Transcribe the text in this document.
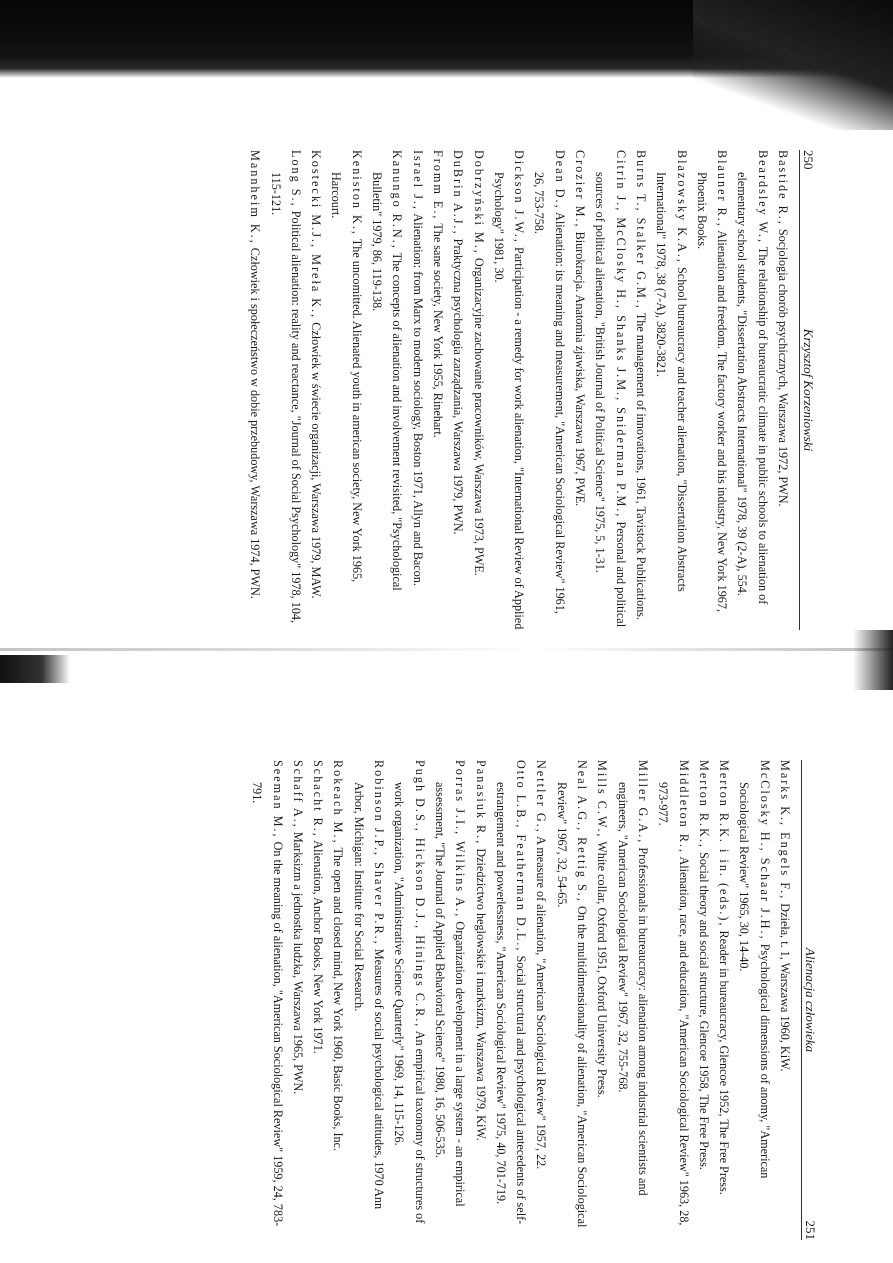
250
Krzysztof Korzeniowski
Bastide R., Socjologia chorób psychicznych, Warszawa 1972, PWN.
Beardsley W., The relationship of bureaucratic climate in public schools to alienation of elementary school students, "Dissertation Abstracts International" 1978, 39 (2-A), 554.
Blauner R., Alienation and freedom. The factory worker and his industry, New York 1967, Phoenix Books.
Blazowsky K.A., School bureaucracy and teacher alienation, "Dissertation Abstracts International" 1978, 38 (7-A), 3820-3821.
Burns T., Stalker G.M., The management of innovations, 1961, Tavistock Publications.
Citrin J., McClosky H., Shanks J.M., Sniderman P.M., Personal and political sources of political alienation, "British Journal of Political Science" 1975, 5, 1-31.
Crozier M., Biurokracja. Anatomia zjawiska, Warszawa 1967, PWE.
Dean D., Alienation: its meaning and measurement, "American Sociological Review" 1961, 26, 753-758.
Dickson J.W., Participation - a remedy for work alienation, "International Review of Applied Psychology" 1981, 30.
Dobrzyński M., Organizacyjne zachowanie pracowników, Warszawa 1973, PWE.
DuBrin A.J., Praktyczna psychologia zarządzania, Warszawa 1979, PWN.
Fromm E., The sane society, New York 1955, Rinehart.
Israel J., Alienation: from Marx to modern sociology, Boston 1971, Allyn and Bacon.
Kanungo R.N., The concepts of alienation and involvement revisited, "Psychological Bulletin" 1979, 86, 119-138.
Keniston K., The uncomitted. Alienated youth in american society, New York 1965, Harcourt.
Kostecki M.J., Mreła K., Człowiek w świecie organizacji, Warszawa 1979, MAW.
Long S., Political alienation: reality and reactance, "Journal of Social Psychology" 1978, 104, 115-121.
Mannheim K., Człowiek i społeczeństwo w dobie przebudowy, Warszawa 1974, PWN.
Alienacja człowieka
251
Marks K., Engels F., Dzieła, t. 1, Warszawa 1960, KiW.
McClosky H., Schaar J.H., Psychological dimensions of anomy, "American Sociological Review" 1965, 30, 14-40.
Merton R.K. i in. (eds.), Reader in bureaucracy, Glencoe 1952, The Free Press.
Merton R.K., Social theory and social structure, Glencoe 1958, The Free Press.
Middleton R., Alienation, race, and education, "American Sociological Review" 1963, 28, 973-977.
Miller G.A., Professionals in bureaucracy: alienation among industrial scientists and engineers, "American Sociological Review" 1967, 32, 755-768.
Mills C.W., White collar, Oxford 1951, Oxford University Press.
Neal A.G., Rettig S., On the multidimensionality of alienation, "American Sociological Review" 1967, 32, 54-65.
Nettler G., A measure of alienation, "American Sociological Review" 1957, 22.
Otto L.B., Featherman D.L., Social structural and psychological antecedents of self-estrangement and powerlessness, "American Sociological Review" 1975, 40, 701-719.
Panasiuk R., Dziedzictwo heglowskie i marksizm, Warszawa 1979, KiW.
Porras J.I., Wilkins A., Organization development in a large system - an empirical assessment, "The Journal of Applied Behavioral Science" 1980, 16, 506-535.
Pugh D.S., Hickson D.J., Hinings C.R., An empirical taxonomy of structures of work organization, "Administrative Science Quarterly" 1969, 14, 115-126.
Robinson J.P., Shaver P.R., Measures of social psychological attitudes, 1970 Ann Arbor, Michigan: Institute for Social Research.
Rokeach M., The open and closed mind, New York 1960, Basic Books, Inc.
Schacht R., Alienation, Anchor Books, New York 1971.
Schaff A., Marksizm a jednostka ludzka, Warszawa 1965, PWN.
Seeman M., On the meaning of alienation, "American Sociological Review" 1959, 24, 783-791.
